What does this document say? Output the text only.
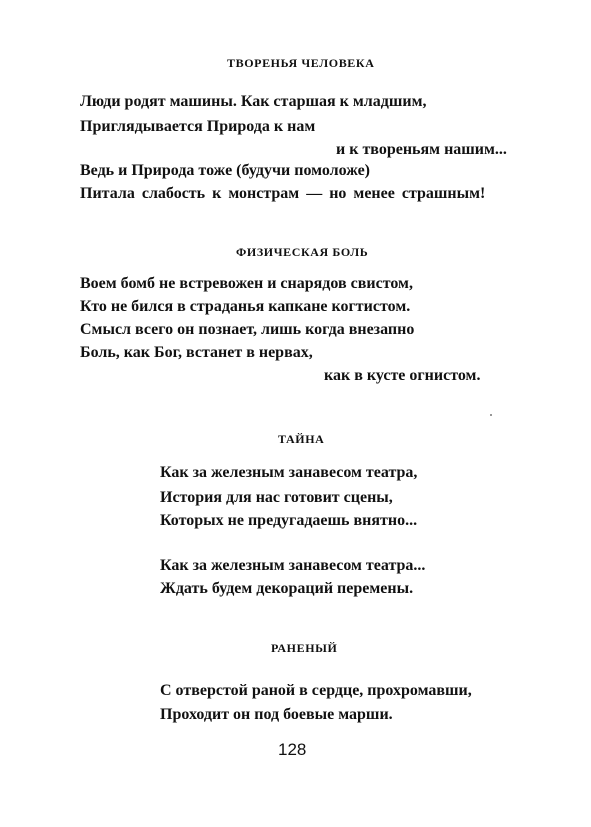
ТВОРЕНЬЯ ЧЕЛОВЕКА
Люди родят машины. Как старшая к младшим,
Приглядывается Природа к нам
и к твореньям нашим...
Ведь и Природа тоже (будучи помоложе)
Питала слабость к монстрам — но менее страшным!
ФИЗИЧЕСКАЯ БОЛЬ
Воем бомб не встревожен и снарядов свистом,
Кто не бился в страданья капкане когтистом.
Смысл всего он познает, лишь когда внезапно
Боль, как Бог, встанет в нервах,
как в кусте огнистом.
ТАЙНА
Как за железным занавесом театра,
История для нас готовит сцены,
Которых не предугадаешь внятно...
Как за железным занавесом театра...
Ждать будем декораций перемены.
РАНЕНЫЙ
С отверстой раной в сердце, прохромавши,
Проходит он под боевые марши.
128
